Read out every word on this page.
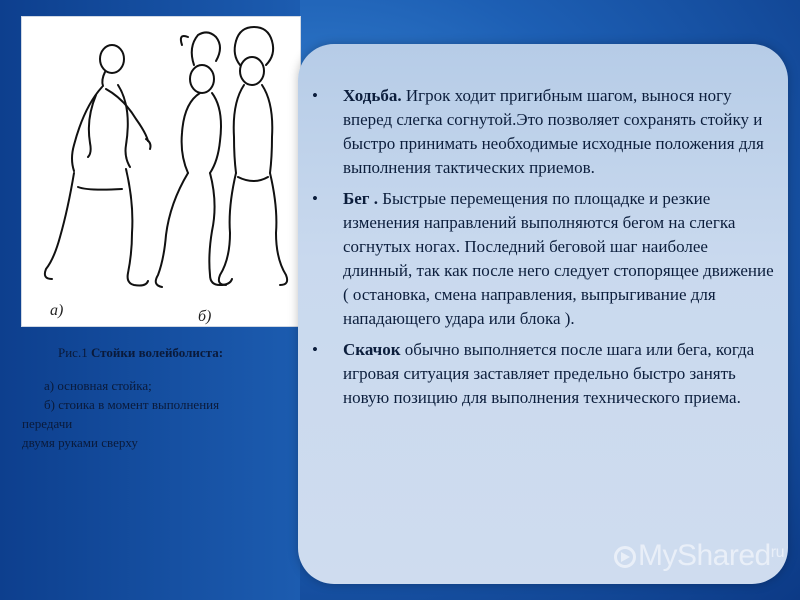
а)	б)
Рис.1 Стойки волейболиста:
а) основная стойка;
б) стоика в момент выполнения
передачи
двумя руками сверху
• Ходьба. Игрок ходит пригибным шагом, вынося ногу вперед слегка согнутой.Это позволяет сохранять стойку и быстро принимать необходимые исходные положения для выполнения тактических приемов.
• Бег . Быстрые перемещения по площадке и резкие изменения направлений выполняются бегом на слегка согнутых ногах. Последний беговой шаг наиболее длинный, так как после него следует стопорящее движение ( остановка, смена направления, выпрыгивание для нападающего удара или блока ).
• Скачок обычно выполняется после шага или бега, когда игровая ситуация заставляет предельно быстро занять новую позицию для выполнения технического приема.
MyShared$^{ru}$
